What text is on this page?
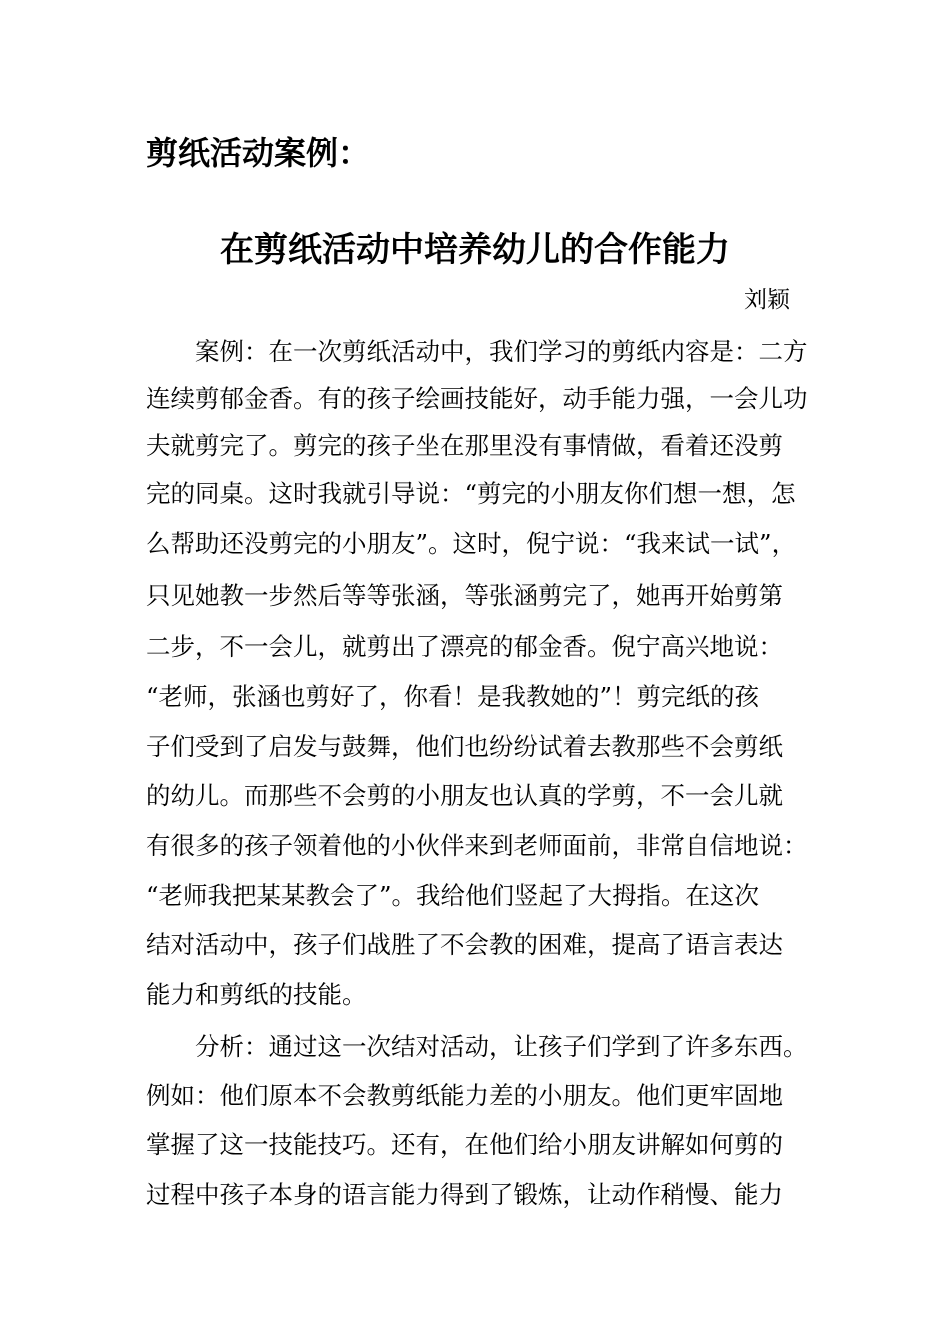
剪纸活动案例：
在剪纸活动中培养幼儿的合作能力
刘颖
　　案例：在一次剪纸活动中，我们学习的剪纸内容是：二方
连续剪郁金香。有的孩子绘画技能好，动手能力强，一会儿功
夫就剪完了。剪完的孩子坐在那里没有事情做，看着还没剪
完的同桌。这时我就引导说：“剪完的小朋友你们想一想，怎
么帮助还没剪完的小朋友”。这时，倪宁说：“我来试一试”，
只见她教一步然后等等张涵，等张涵剪完了，她再开始剪第
二步，不一会儿，就剪出了漂亮的郁金香。倪宁高兴地说：
“老师，张涵也剪好了，你看！是我教她的”！剪完纸的孩
子们受到了启发与鼓舞，他们也纷纷试着去教那些不会剪纸
的幼儿。而那些不会剪的小朋友也认真的学剪，不一会儿就
有很多的孩子领着他的小伙伴来到老师面前，非常自信地说：
“老师我把某某教会了”。我给他们竖起了大拇指。在这次
结对活动中，孩子们战胜了不会教的困难，提高了语言表达
能力和剪纸的技能。
　　分析：通过这一次结对活动，让孩子们学到了许多东西。
例如：他们原本不会教剪纸能力差的小朋友。他们更牢固地
掌握了这一技能技巧。还有，在他们给小朋友讲解如何剪的
过程中孩子本身的语言能力得到了锻炼，让动作稍慢、能力
